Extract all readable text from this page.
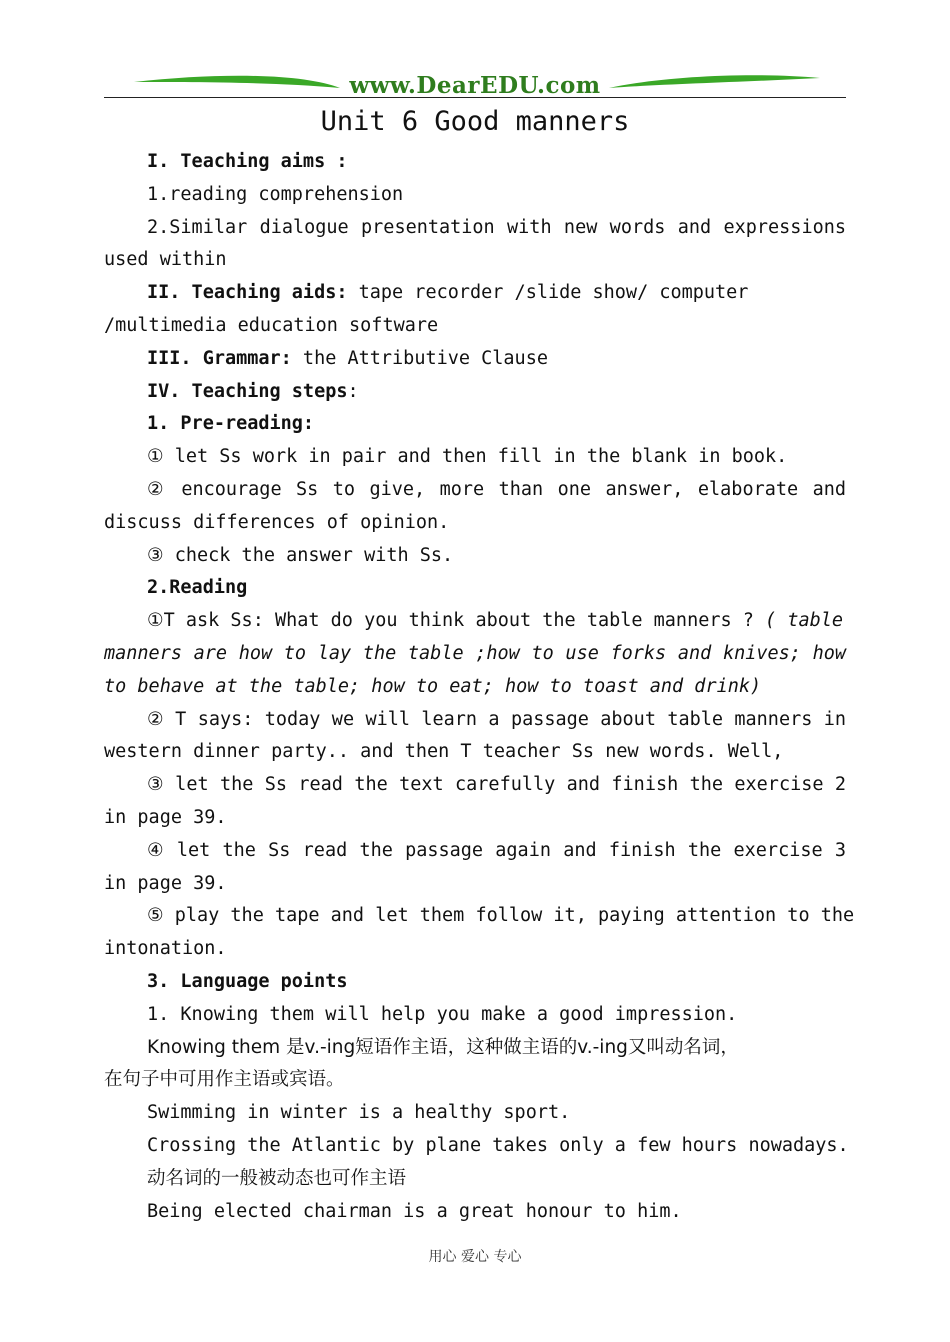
www.DearEDU.com
Unit 6 Good manners
I. Teaching aims :
1.reading comprehension
2.Similar dialogue presentation with new words and expressions
used within
II. Teaching aids: tape recorder /slide show/ computer
/multimedia education software
III. Grammar: the Attributive Clause
IV. Teaching steps:
1. Pre-reading:
① let Ss work in pair and then fill in the blank in book.
② encourage Ss to give, more than one answer, elaborate and
discuss differences of opinion.
③ check the answer with Ss.
2.Reading
①T ask Ss: What do you think about the table manners ? ( table
manners are how to lay the table ;how to use forks and knives; how
to behave at the table; how to eat; how to toast and drink)
② T says: today we will learn a passage about table manners in
western dinner party.. and then T teacher Ss new words. Well,
③ let the Ss read the text carefully and finish the exercise 2
in page 39.
④ let the Ss read the passage again and finish the exercise 3
in page 39.
⑤ play the tape and let them follow it, paying attention to the
intonation.
3. Language points
1. Knowing them will help you make a good impression.
Knowing them 是v.-ing短语作主语，这种做主语的v.-ing又叫动名词，
在句子中可用作主语或宾语。
Swimming in winter is a healthy sport.
Crossing the Atlantic by plane takes only a few hours nowadays.
动名词的一般被动态也可作主语
Being elected chairman is a great honour to him.
用心 爱心 专心
